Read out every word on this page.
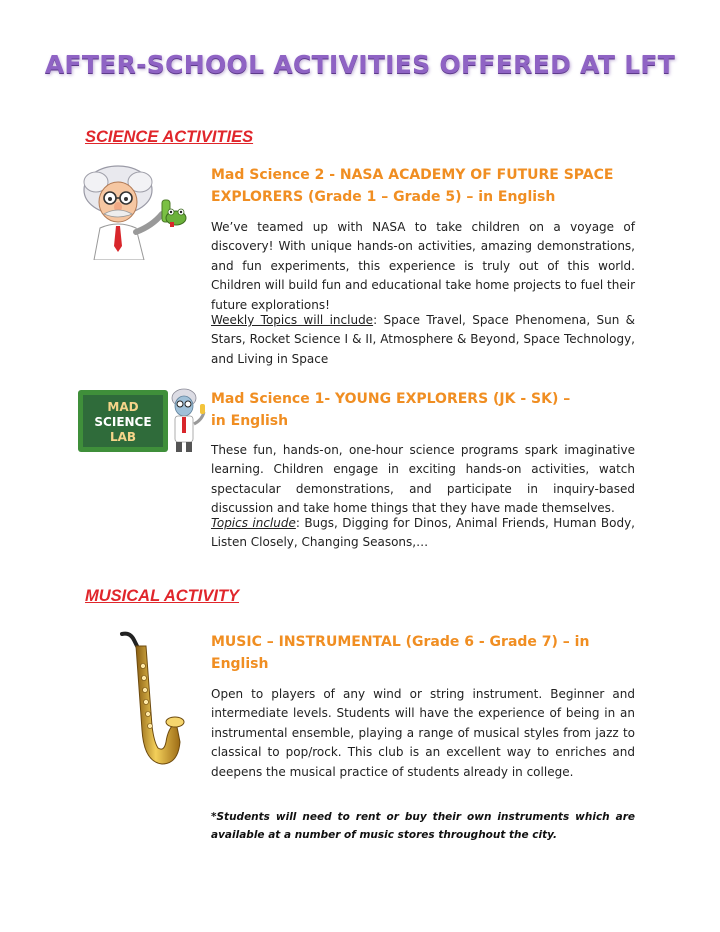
AFTER-SCHOOL ACTIVITIES OFFERED AT LFT
SCIENCE ACTIVITIES
Mad Science 2 - NASA ACADEMY OF FUTURE SPACE EXPLORERS (Grade 1 – Grade 5) – in English
We’ve teamed up with NASA to take children on a voyage of discovery! With unique hands-on activities, amazing demonstrations, and fun experiments, this experience is truly out of this world. Children will build fun and educational take home projects to fuel their future explorations!
Weekly Topics will include: Space Travel, Space Phenomena, Sun & Stars, Rocket Science I & II, Atmosphere & Beyond, Space Technology, and Living in Space
MAD
SCIENCE
LAB
Mad Science 1- YOUNG EXPLORERS (JK - SK) –
in English
These fun, hands-on, one-hour science programs spark imaginative learning. Children engage in exciting hands-on activities, watch spectacular demonstrations, and participate in inquiry-based discussion and take home things that they have made themselves.
Topics include: Bugs, Digging for Dinos, Animal Friends, Human Body, Listen Closely, Changing Seasons,…
MUSICAL ACTIVITY
MUSIC – INSTRUMENTAL (Grade 6 - Grade 7) – in English
Open to players of any wind or string instrument. Beginner and intermediate levels. Students will have the experience of being in an instrumental ensemble, playing a range of musical styles from jazz to classical to pop/rock. This club is an excellent way to enriches and deepens the musical practice of students already in college.
*Students will need to rent or buy their own instruments which are available at a number of music stores throughout the city.
